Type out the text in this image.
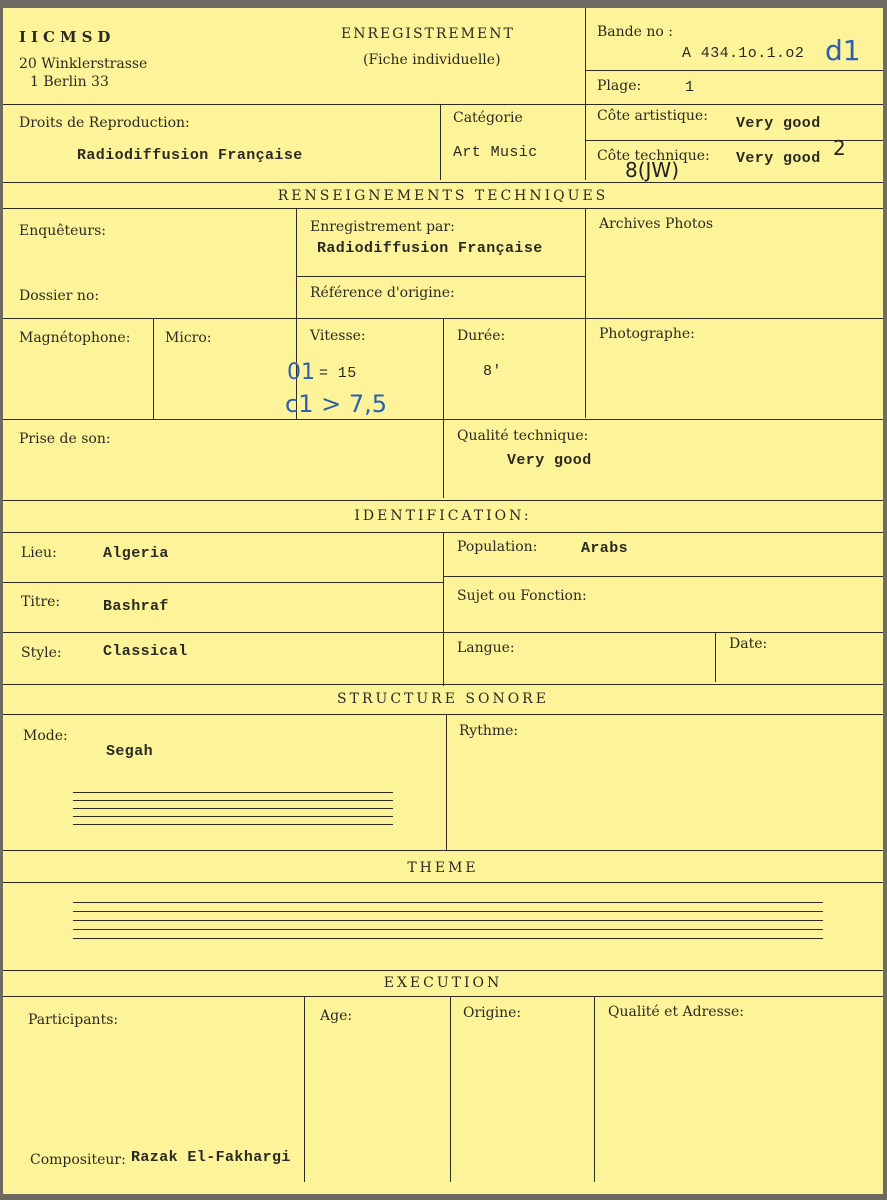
IICMSD
20 Winklerstrasse
1 Berlin 33
ENREGISTREMENT
(Fiche individuelle)
Bande no :
A 434.1o.1.o2 d1
Plage:	1
Droits de Reproduction:
Radiodiffusion Française
Catégorie
Art Music
Côte artistique: Very good
Côte technique: Very good 2
8(JW)
RENSEIGNEMENTS TECHNIQUES
Enquêteurs:	Enregistrement par:
Radiodiffusion Française
Archives Photos
Dossier no:	Référence d'origine:
Magnétophone: Micro:	Vitesse:
01 = 15
c1 > 7,5
Durée:
8'
Photographe:
Prise de son:	Qualité technique:
Very good
IDENTIFICATION:
Lieu:	Algeria	Population:	Arabs
Titre:	Bashraf
Sujet ou Fonction:
Style:	Classical	Langue:	Date:
STRUCTURE SONORE
Mode:
Segah
Rythme:
THEME
EXECUTION
Participants:	Age:	Origine:	Qualité et Adresse:
Compositeur: Razak El-Fakhargi
